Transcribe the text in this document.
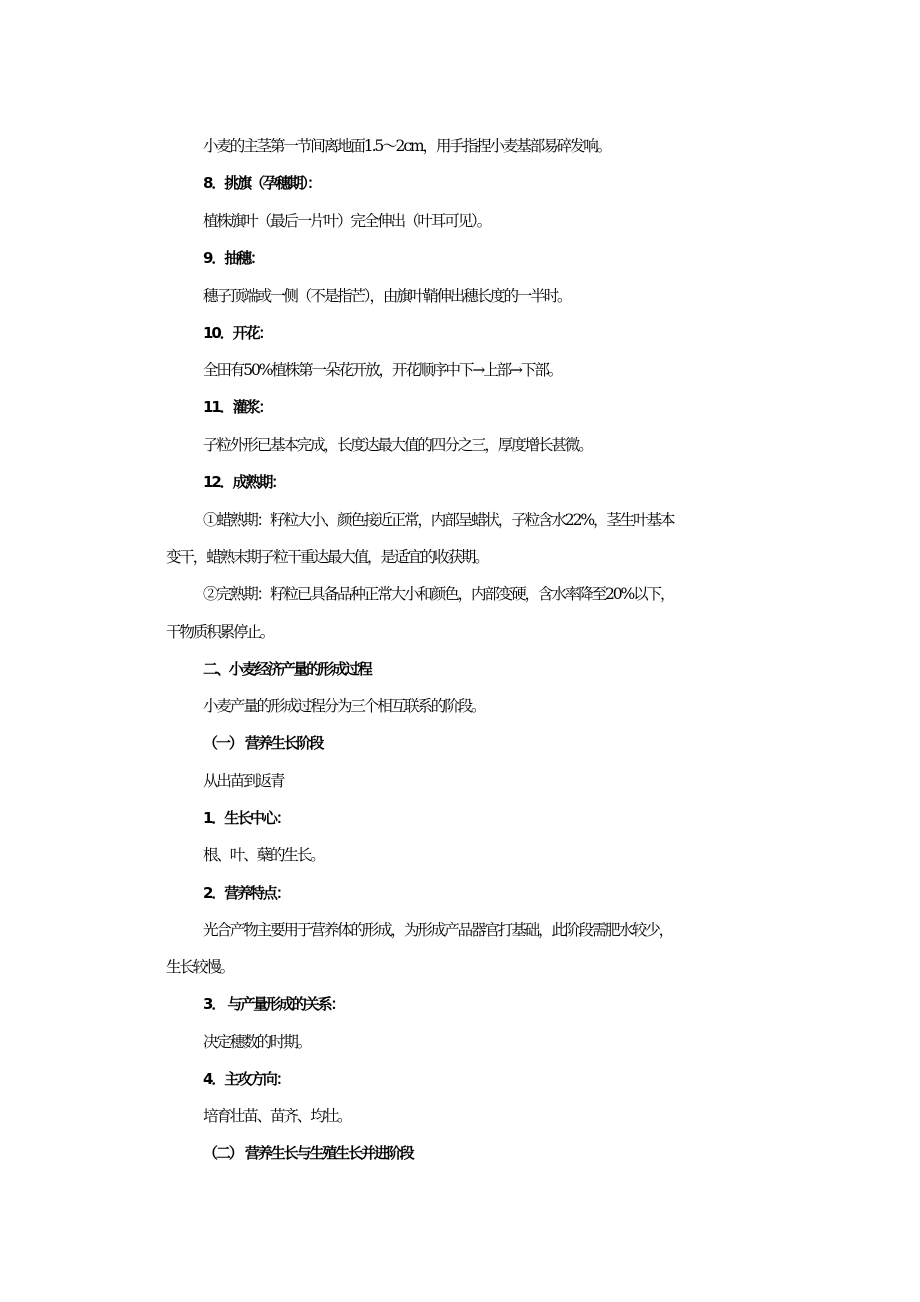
小麦的主茎第一节间离地面1.5～2cm，用手指捏小麦基部易碎发响。
8．挑旗（孕穗期）：
植株旗叶（最后一片叶）完全伸出（叶耳可见）。
9．抽穗：
穗子顶端或一侧（不是指芒），由旗叶鞘伸出穗长度的一半时。
10．开花：
全田有50%植株第一朵花开放，开花顺序中下→上部→下部。
11．灌浆：
子粒外形已基本完成，长度达最大值的四分之三，厚度增长甚微。
12．成熟期：
①蜡熟期：籽粒大小、颜色接近正常，内部呈蜡状，子粒含水22%，茎生叶基本
变干，蜡熟末期子粒干重达最大值，是适宜的收获期。
②完熟期：籽粒已具备品种正常大小和颜色，内部变硬，含水率降至20%以下，
干物质积累停止。
二、小麦经济产量的形成过程
小麦产量的形成过程分为三个相互联系的阶段。
（一） 营养生长阶段
从出苗到返青
1．生长中心：
根、叶、蘖的生长。
2．营养特点：
光合产物主要用于营养体的形成，为形成产品器官打基础，此阶段需肥水较少，
生长较慢。
3． 与产量形成的关系：
决定穗数的时期。
4．主攻方向：
培育壮苗、苗齐、均壮。
（二） 营养生长与生殖生长并进阶段
